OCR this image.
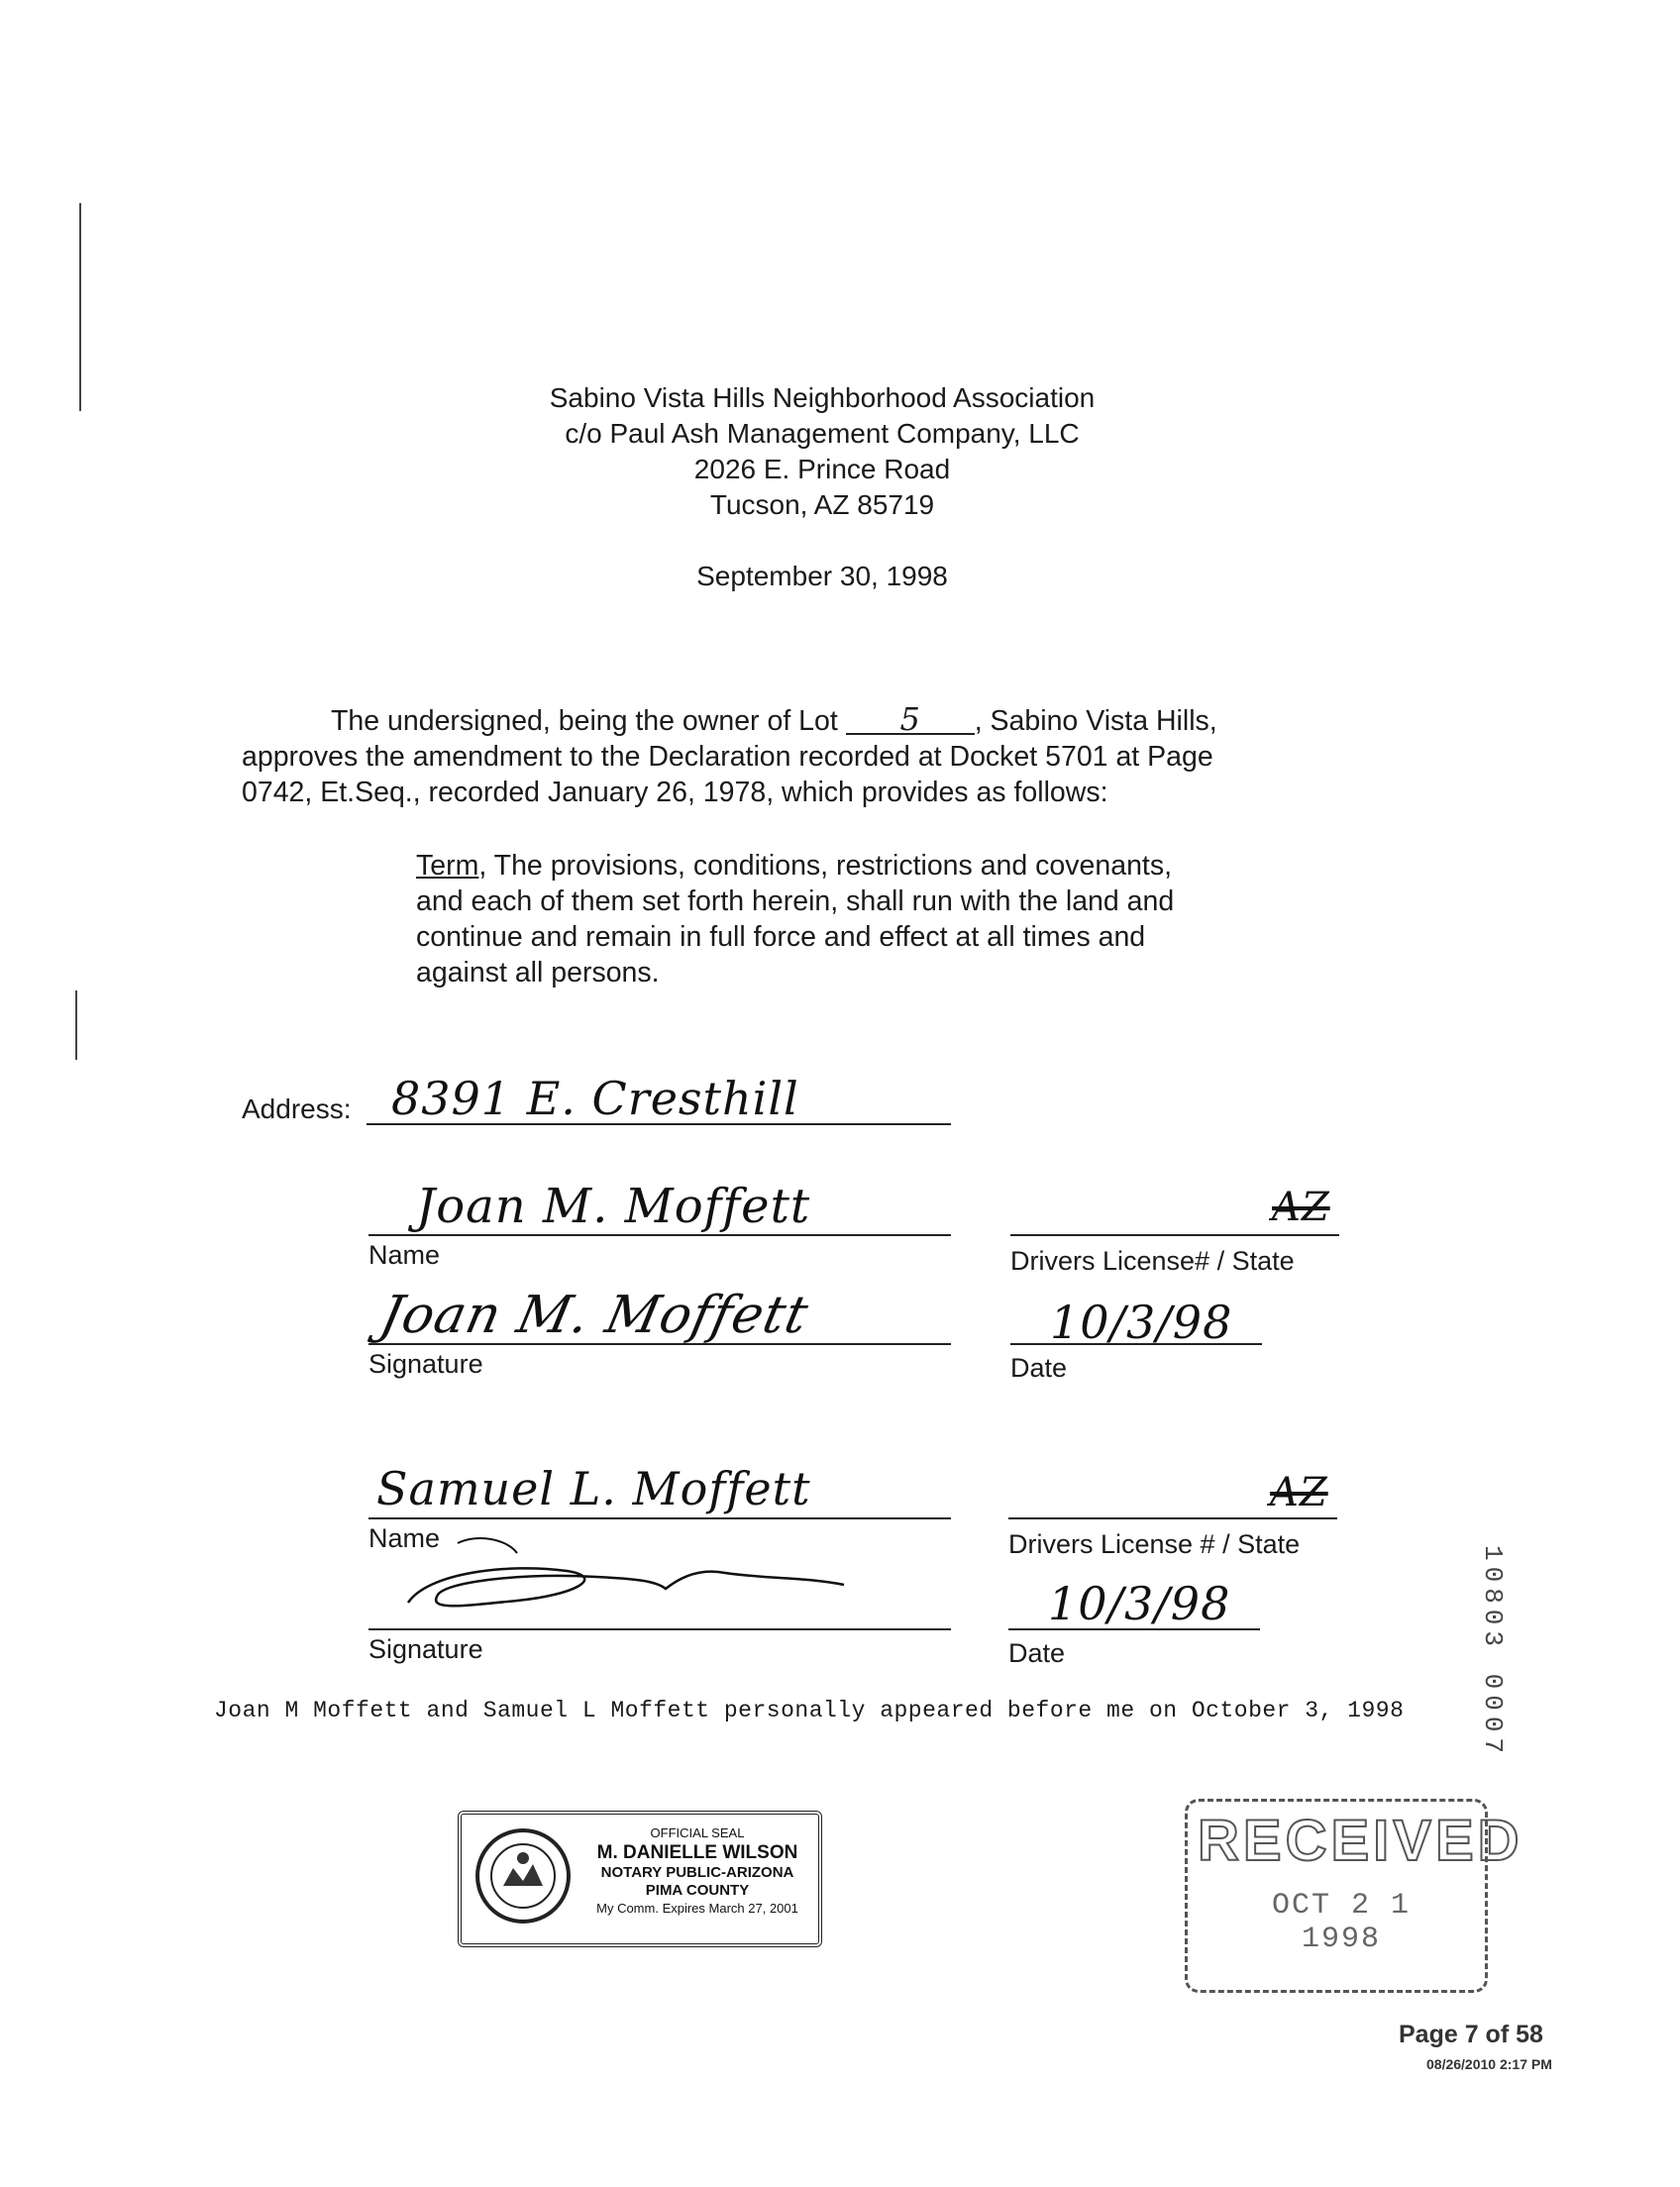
Sabino Vista Hills Neighborhood Association
c/o Paul Ash Management Company, LLC
2026 E. Prince Road
Tucson, AZ 85719
September 30, 1998
The undersigned, being the owner of Lot 5 , Sabino Vista Hills,
approves the amendment to the Declaration recorded at Docket 5701 at Page
0742, Et.Seq., recorded January 26, 1978, which provides as follows:
Term, The provisions, conditions, restrictions and covenants,
and each of them set forth herein, shall run with the land and
continue and remain in full force and effect at all times and
against all persons.
Address: 8391 E. Cresthill
Joan M. Moffett
Name
AZ
Drivers License# / State
Joan M. Moffett
Signature
10/3/98
Date
Samuel L. Moffett
Name
AZ
Drivers License # / State
Signature
10/3/98
Date
Joan M Moffett and Samuel L Moffett personally appeared before me on October 3, 1998
OFFICIAL SEAL
M. DANIELLE WILSON
NOTARY PUBLIC-ARIZONA
PIMA COUNTY
My Comm. Expires March 27, 2001
RECEIVED
OCT 2 1 1998
10803 0007
Page 7 of 58
08/26/2010 2:17 PM
